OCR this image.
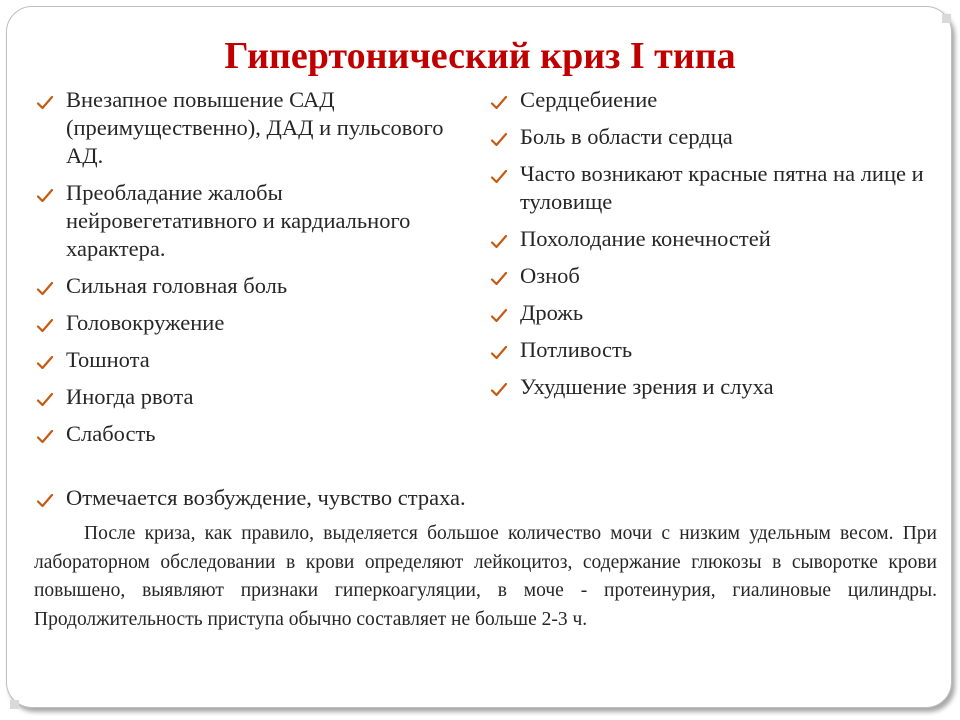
Гипертонический криз I типа
Внезапное повышение САД (преимущественно), ДАД и пульсового АД.
Преобладание жалобы нейровегетативного и кардиального характера.
Сильная головная боль
Головокружение
Тошнота
Иногда рвота
Слабость
Отмечается возбуждение, чувство страха.
Сердцебиение
Боль в области сердца
Часто возникают красные пятна на лице и туловище
Похолодание конечностей
Озноб
Дрожь
Потливость
Ухудшение зрения и слуха

После криза, как правило, выделяется большое количество мочи с низким удельным весом. При лабораторном обследовании в крови определяют лейкоцитоз, содержание глюкозы в сыворотке крови повышено, выявляют признаки гиперкоагуляции, в моче - протеинурия, гиалиновые цилиндры. Продолжительность приступа обычно составляет не больше 2-3 ч.
